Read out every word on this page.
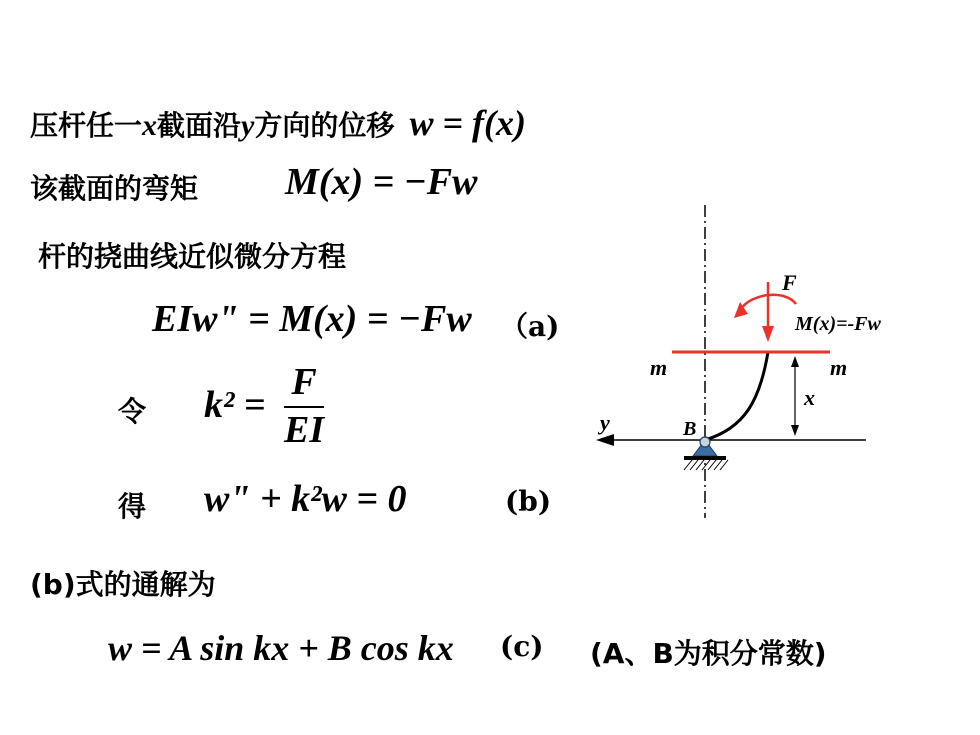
压杆任一x截面沿y方向的位移 w = f(x)
该截面的弯矩 M(x) = −Fw
杆的挠曲线近似微分方程
EIw" = M(x) = −Fw （a)
令 $k^2 = \frac{F}{EI}$
得 w" + k²w = 0	(b)
(b)式的通解为
w = A sin kx + B cos kx (c) (A、B为积分常数)
F
M(x)=-Fw
m	m
x
y	B
